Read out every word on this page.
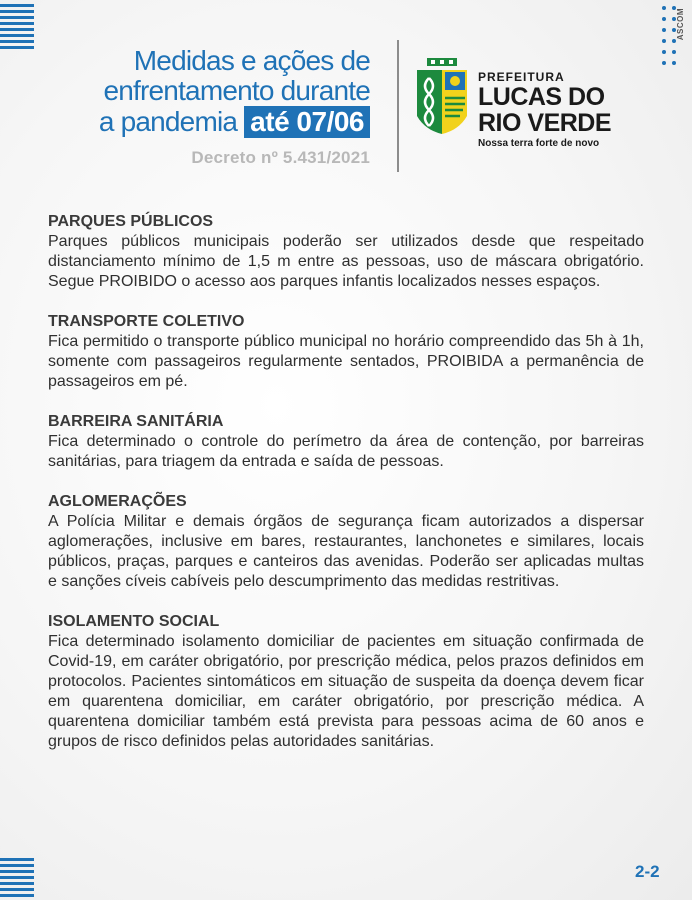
ASCOM
Medidas e ações de
enfrentamento durante
a pandemia até 07/06
Decreto nº 5.431/2021
PREFEITURA
LUCAS DO
RIO VERDE
Nossa terra forte de novo
PARQUES PÚBLICOS

Parques públicos municipais poderão ser utilizados desde que respeitado distanciamento mínimo de 1,5 m entre as pessoas, uso de máscara obrigatório. Segue PROIBIDO o acesso aos parques infantis localizados nesses espaços.

TRANSPORTE COLETIVO

Fica permitido o transporte público municipal no horário compreendido das 5h à 1h, somente com passageiros regularmente sentados, PROIBIDA a permanência de passageiros em pé.

BARREIRA SANITÁRIA

Fica determinado o controle do perímetro da área de contenção, por barreiras sanitárias, para triagem da entrada e saída de pessoas.

AGLOMERAÇÕES

A Polícia Militar e demais órgãos de segurança ficam autorizados a dispersar aglomerações, inclusive em bares, restaurantes, lanchonetes e similares, locais públicos, praças, parques e canteiros das avenidas. Poderão ser aplicadas multas e sanções cíveis cabíveis pelo descumprimento das medidas restritivas.

ISOLAMENTO SOCIAL

Fica determinado isolamento domiciliar de pacientes em situação confirmada de Covid-19, em caráter obrigatório, por prescrição médica, pelos prazos definidos em protocolos. Pacientes sintomáticos em situação de suspeita da doença devem ficar em quarentena domiciliar, em caráter obrigatório, por prescrição médica. A quarentena domiciliar também está prevista para pessoas acima de 60 anos e grupos de risco definidos pelas autoridades sanitárias.

2-2
